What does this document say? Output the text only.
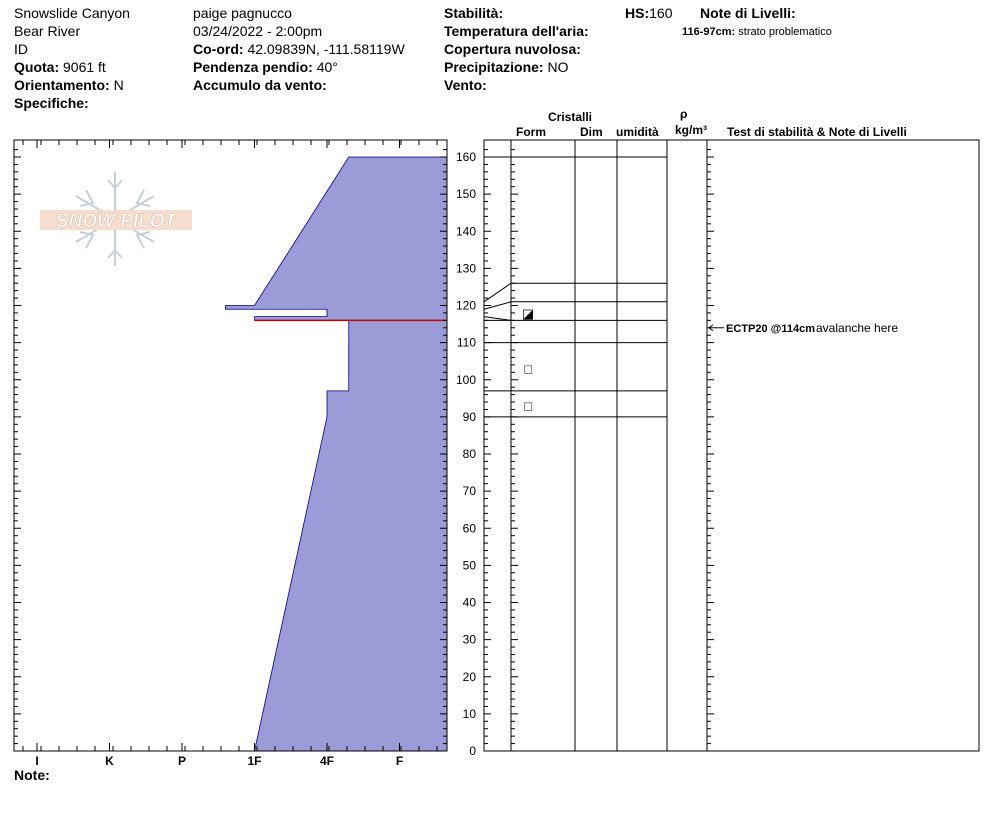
Snowslide Canyon
Bear River
ID
Quota: 9061 ft
Orientamento: N
Specifiche:
paige pagnucco
03/24/2022 - 2:00pm
Co-ord: 42.09839N, -111.58119W
Pendenza pendio: 40°
Accumulo da vento:
Stabilità:
Temperatura dell'aria:
Copertura nuvolosa:
Precipitazione: NO
Vento:
HS:160 Note di Livelli:
116-97cm: strato problematico
Cristalli
Form	Dim umidità
ρ
kg/m³ Test di stabilità & Note di Livelli
SNOW PILOT
0
10
20
30
40
50
60
70
80
90
100
110
120
130
140
150
160
I	K	P	1F	4F	F
◪
□
□
ECTP20 @114cm avalanche here
Note:
